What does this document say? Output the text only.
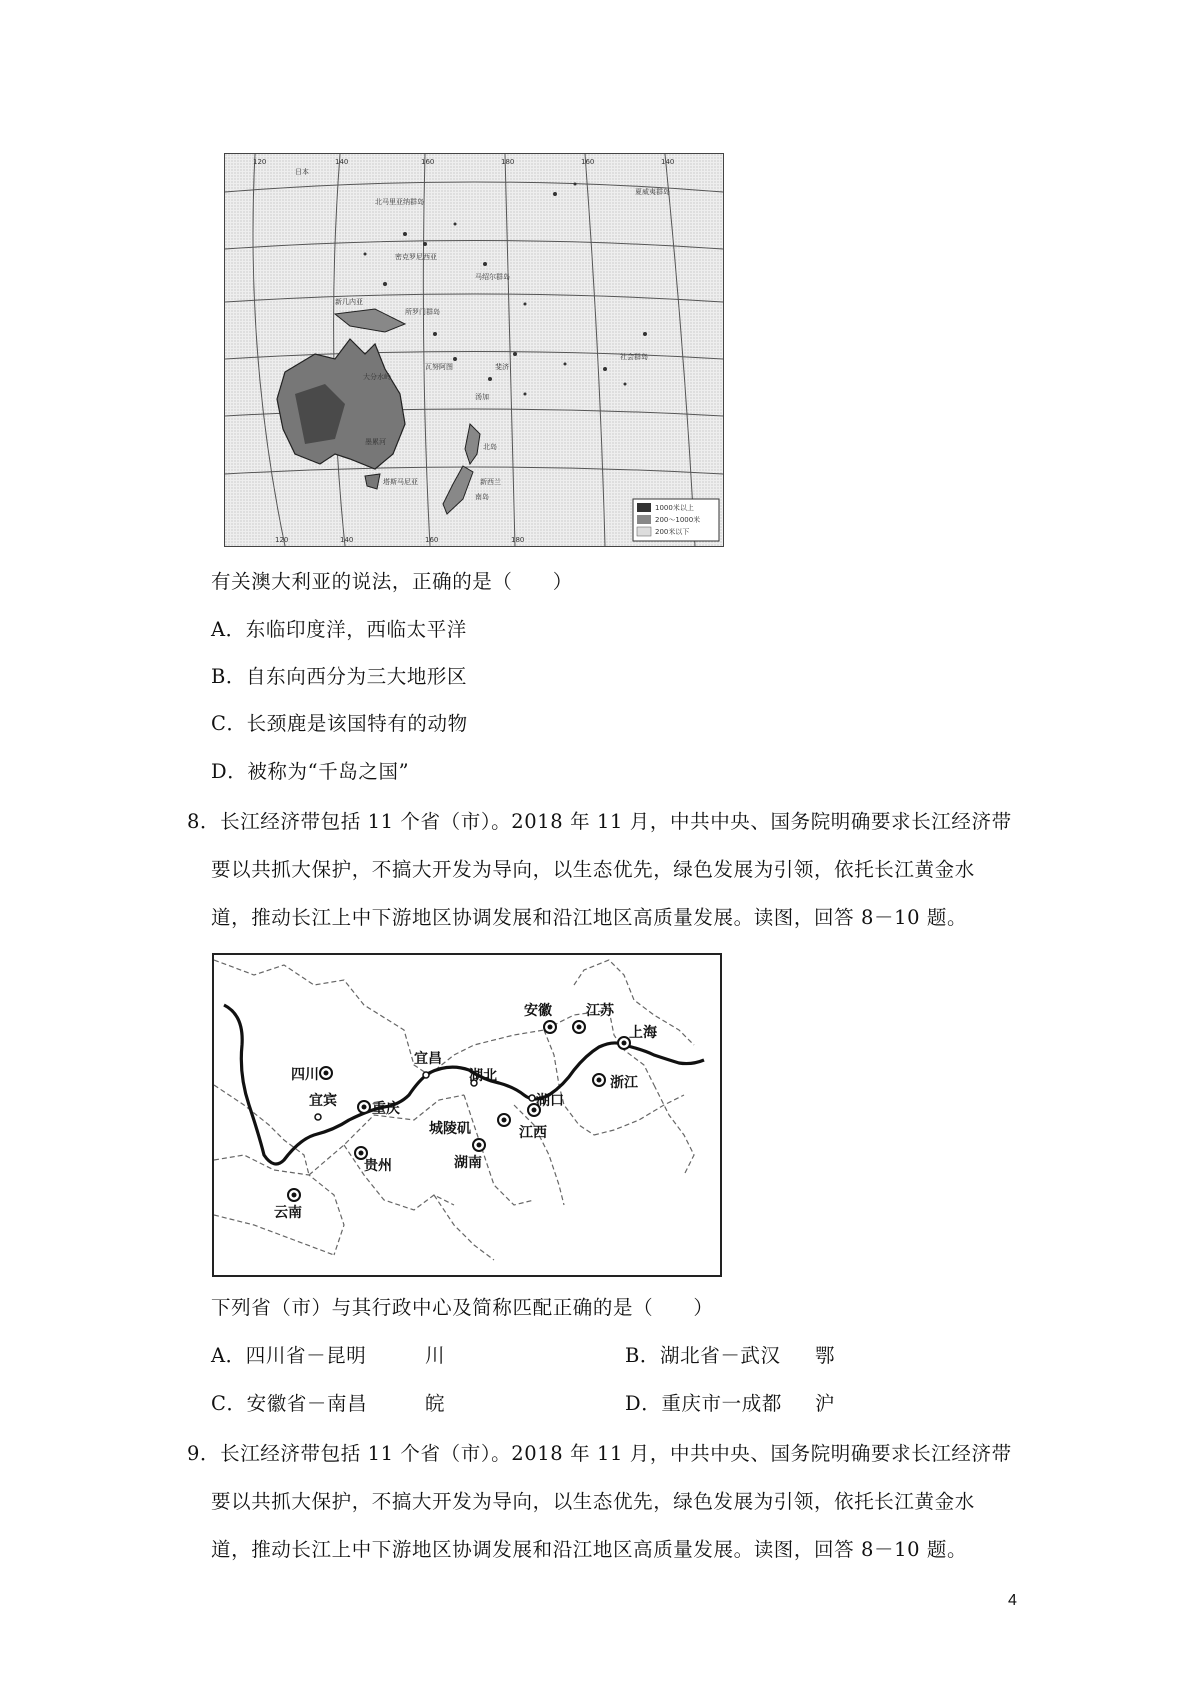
120	140	160	180	160	140
120	140	160	180
日本
北马里亚纳群岛
密克罗尼西亚
马绍尔群岛
夏威夷群岛
所罗门群岛
瓦努阿图	斐济
汤加
社会群岛
新西兰
北岛
南岛
大分水岭
墨累河
塔斯马尼亚
新几内亚
1000米以上
200～1000米
200米以下
有关澳大利亚的说法，正确的是（　　）
A．东临印度洋，西临太平洋
B．自东向西分为三大地形区
C．长颈鹿是该国特有的动物
D．被称为“千岛之国”
8．长江经济带包括 11 个省（市）。2018 年 11 月，中共中央、国务院明确要求长江经济带
要以共抓大保护，不搞大开发为导向，以生态优先，绿色发展为引领，依托长江黄金水
道，推动长江上中下游地区协调发展和沿江地区高质量发展。读图，回答 8－10 题。
四川
宜宾	重庆
贵州
云南
宜昌
湖北
城陵矶
湖南
江西
湖口
安徽 江苏
上海
浙江
下列省（市）与其行政中心及简称匹配正确的是（　　）
A．四川省－昆明	川	B．湖北省－武汉 鄂
C．安徽省－南昌	皖	D．重庆市一成都 沪
9．长江经济带包括 11 个省（市）。2018 年 11 月，中共中央、国务院明确要求长江经济带
要以共抓大保护，不搞大开发为导向，以生态优先，绿色发展为引领，依托长江黄金水
道，推动长江上中下游地区协调发展和沿江地区高质量发展。读图，回答 8－10 题。
4
